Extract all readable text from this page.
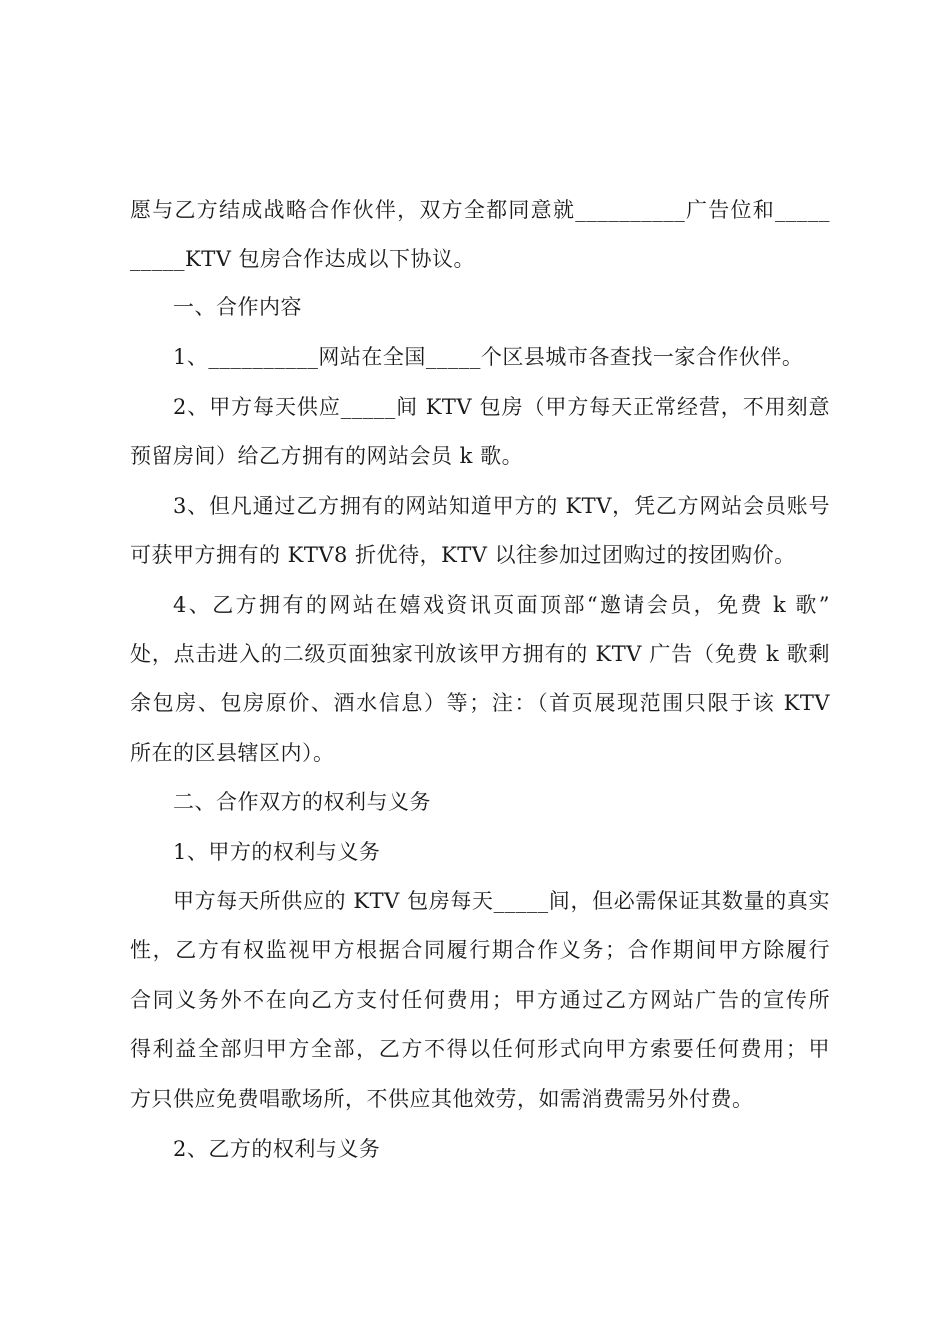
愿与乙方结成战略合作伙伴，双方全都同意就__________广告位和_____
_____KTV 包房合作达成以下协议。
一、合作内容
1、__________网站在全国_____个区县城市各查找一家合作伙伴。
2、甲方每天供应_____间 KTV 包房（甲方每天正常经营，不用刻意
预留房间）给乙方拥有的网站会员 k 歌。
3、但凡通过乙方拥有的网站知道甲方的 KTV，凭乙方网站会员账号
可获甲方拥有的 KTV8 折优待，KTV 以往参加过团购过的按团购价。
4、乙方拥有的网站在嬉戏资讯页面顶部“邀请会员，免费 k 歌”
处，点击进入的二级页面独家刊放该甲方拥有的 KTV 广告（免费 k 歌剩
余包房、包房原价、酒水信息）等；注：（首页展现范围只限于该 KTV
所在的区县辖区内）。
二、合作双方的权利与义务
1、甲方的权利与义务
甲方每天所供应的 KTV 包房每天_____间，但必需保证其数量的真实
性，乙方有权监视甲方根据合同履行期合作义务；合作期间甲方除履行
合同义务外不在向乙方支付任何费用；甲方通过乙方网站广告的宣传所
得利益全部归甲方全部，乙方不得以任何形式向甲方索要任何费用；甲
方只供应免费唱歌场所，不供应其他效劳，如需消费需另外付费。
2、乙方的权利与义务
